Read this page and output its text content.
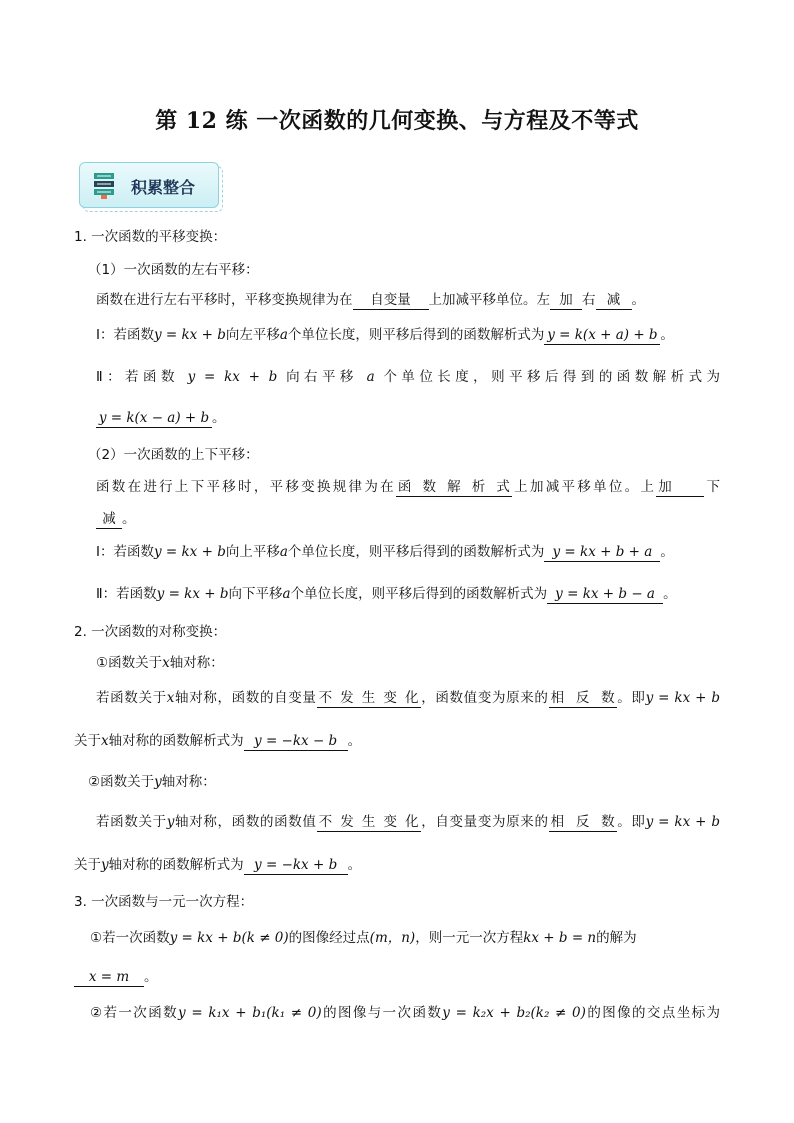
第 12 练 一次函数的几何变换、与方程及不等式
积累整合
1. 一次函数的平移变换：
（1）一次函数的左右平移：
函数在进行左右平移时，平移变换规律为在 自变量 上加减平移单位。左 加 右 减 。
Ⅰ：若函数y = kx + b向左平移a个单位长度，则平移后得到的函数解析式为 y = k(x + a) + b 。
Ⅱ：若函数 y = kx + b 向右平移 a 个单位长度，则平移后得到的函数解析式为
y = k(x − a) + b 。
（2）一次函数的上下平移：
函数在进行上下平移时，平移变换规律为在 函数解析式 上加减平移单位。上 加 下
减 。
Ⅰ：若函数y = kx + b向上平移a个单位长度，则平移后得到的函数解析式为 y = kx + b + a 。
Ⅱ：若函数y = kx + b向下平移a个单位长度，则平移后得到的函数解析式为 y = kx + b − a 。
2. 一次函数的对称变换：
①函数关于x轴对称：
若函数关于x轴对称，函数的自变量 不发生变化 ，函数值变为原来的 相反数 。即y = kx + b
关于x轴对称的函数解析式为 y = −kx − b 。
②函数关于y轴对称：
若函数关于y轴对称，函数的函数值 不发生变化 ，自变量变为原来的 相反数 。即y = kx + b
关于y轴对称的函数解析式为 y = −kx + b 。
3. 一次函数与一元一次方程：
①若一次函数y = kx + b(k ≠ 0)的图像经过点(m，n)，则一元一次方程kx + b = n的解为
x = m 。
②若一次函数y = k₁x + b₁(k₁ ≠ 0)的图像与一次函数y = k₂x + b₂(k₂ ≠ 0)的图像的交点坐标为
